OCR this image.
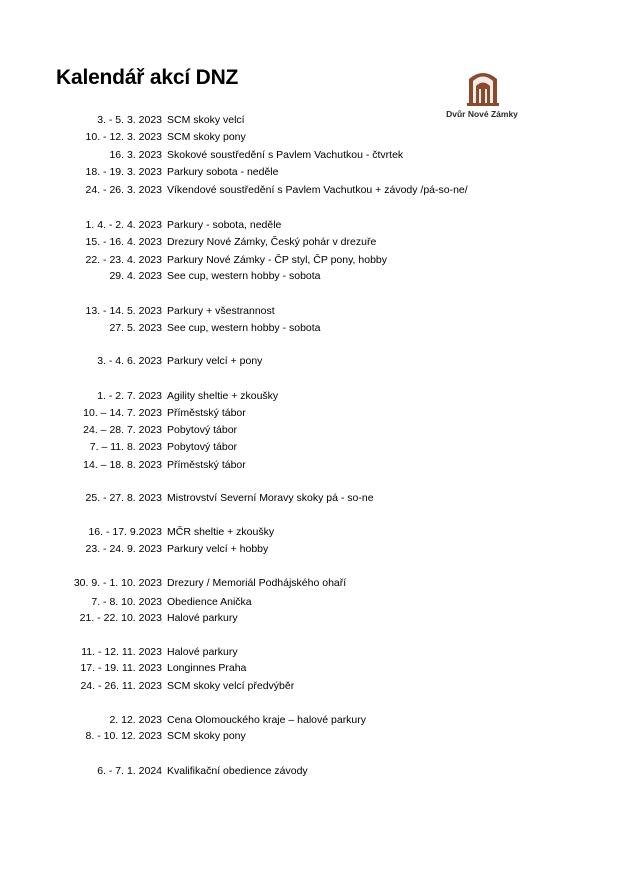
Kalendář akcí DNZ
Dvůr Nové Zámky
3. - 5. 3. 2023 SCM skoky velcí
10. - 12. 3. 2023 SCM skoky pony
16. 3. 2023 Skokové soustředění s Pavlem Vachutkou - čtvrtek
18. - 19. 3. 2023 Parkury sobota - neděle
24. - 26. 3. 2023 Víkendové soustředění s Pavlem Vachutkou + závody /pá-so-ne/
1. 4. - 2. 4. 2023 Parkury - sobota, neděle
15. - 16. 4. 2023 Drezury Nové Zámky, Český pohár v drezuře
22. - 23. 4. 2023 Parkury Nové Zámky - ČP styl, ČP pony, hobby
29. 4. 2023 See cup, western hobby - sobota
13. - 14. 5. 2023 Parkury + všestrannost
27. 5. 2023 See cup, western hobby - sobota
3. - 4. 6. 2023 Parkury velcí + pony
1. - 2. 7. 2023 Agility sheltie + zkoušky
10. – 14. 7. 2023 Příměstský tábor
24. – 28. 7. 2023 Pobytový tábor
7. – 11. 8. 2023 Pobytový tábor
14. – 18. 8. 2023 Příměstský tábor
25. - 27. 8. 2023 Mistrovství Severní Moravy skoky pá - so-ne
16. - 17. 9.2023 MČR sheltie + zkoušky
23. - 24. 9. 2023 Parkury velcí + hobby
30. 9. - 1. 10. 2023 Drezury / Memoriál Podhájského ohaří
7. - 8. 10. 2023 Obedience Anička
21. - 22. 10. 2023 Halové parkury
11. - 12. 11. 2023 Halové parkury
17. - 19. 11. 2023 Longinnes Praha
24. - 26. 11. 2023 SCM skoky velcí předvýběr
2. 12. 2023 Cena Olomouckého kraje – halové parkury
8. - 10. 12. 2023 SCM skoky pony
6. - 7. 1. 2024 Kvalifikační obedience závody
